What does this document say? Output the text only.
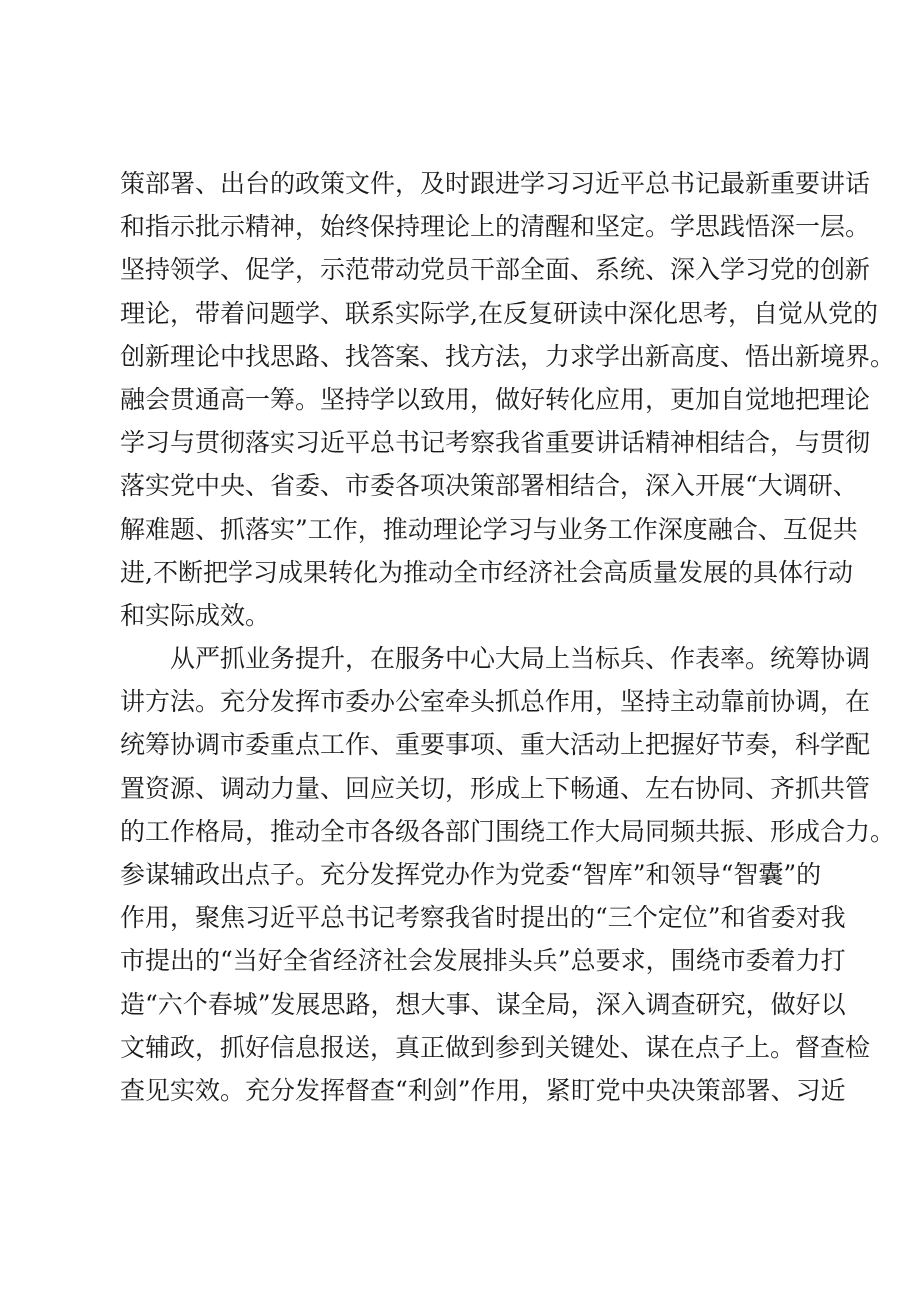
策部署、出台的政策文件，及时跟进学习习近平总书记最新重要讲话
和指示批示精神，始终保持理论上的清醒和坚定。学思践悟深一层。
坚持领学、促学，示范带动党员干部全面、系统、深入学习党的创新
理论，带着问题学、联系实际学,在反复研读中深化思考，自觉从党的
创新理论中找思路、找答案、找方法，力求学出新高度、悟出新境界。
融会贯通高一筹。坚持学以致用，做好转化应用，更加自觉地把理论
学习与贯彻落实习近平总书记考察我省重要讲话精神相结合，与贯彻
落实党中央、省委、市委各项决策部署相结合，深入开展“大调研、
解难题、抓落实”工作，推动理论学习与业务工作深度融合、互促共
进,不断把学习成果转化为推动全市经济社会高质量发展的具体行动
和实际成效。
从严抓业务提升，在服务中心大局上当标兵、作表率。统筹协调
讲方法。充分发挥市委办公室牵头抓总作用，坚持主动靠前协调，在
统筹协调市委重点工作、重要事项、重大活动上把握好节奏，科学配
置资源、调动力量、回应关切，形成上下畅通、左右协同、齐抓共管
的工作格局，推动全市各级各部门围绕工作大局同频共振、形成合力。
参谋辅政出点子。充分发挥党办作为党委“智库”和领导“智囊”的
作用，聚焦习近平总书记考察我省时提出的“三个定位”和省委对我
市提出的“当好全省经济社会发展排头兵”总要求，围绕市委着力打
造“六个春城”发展思路，想大事、谋全局，深入调查研究，做好以
文辅政，抓好信息报送，真正做到参到关键处、谋在点子上。督查检
查见实效。充分发挥督查“利剑”作用，紧盯党中央决策部署、习近
